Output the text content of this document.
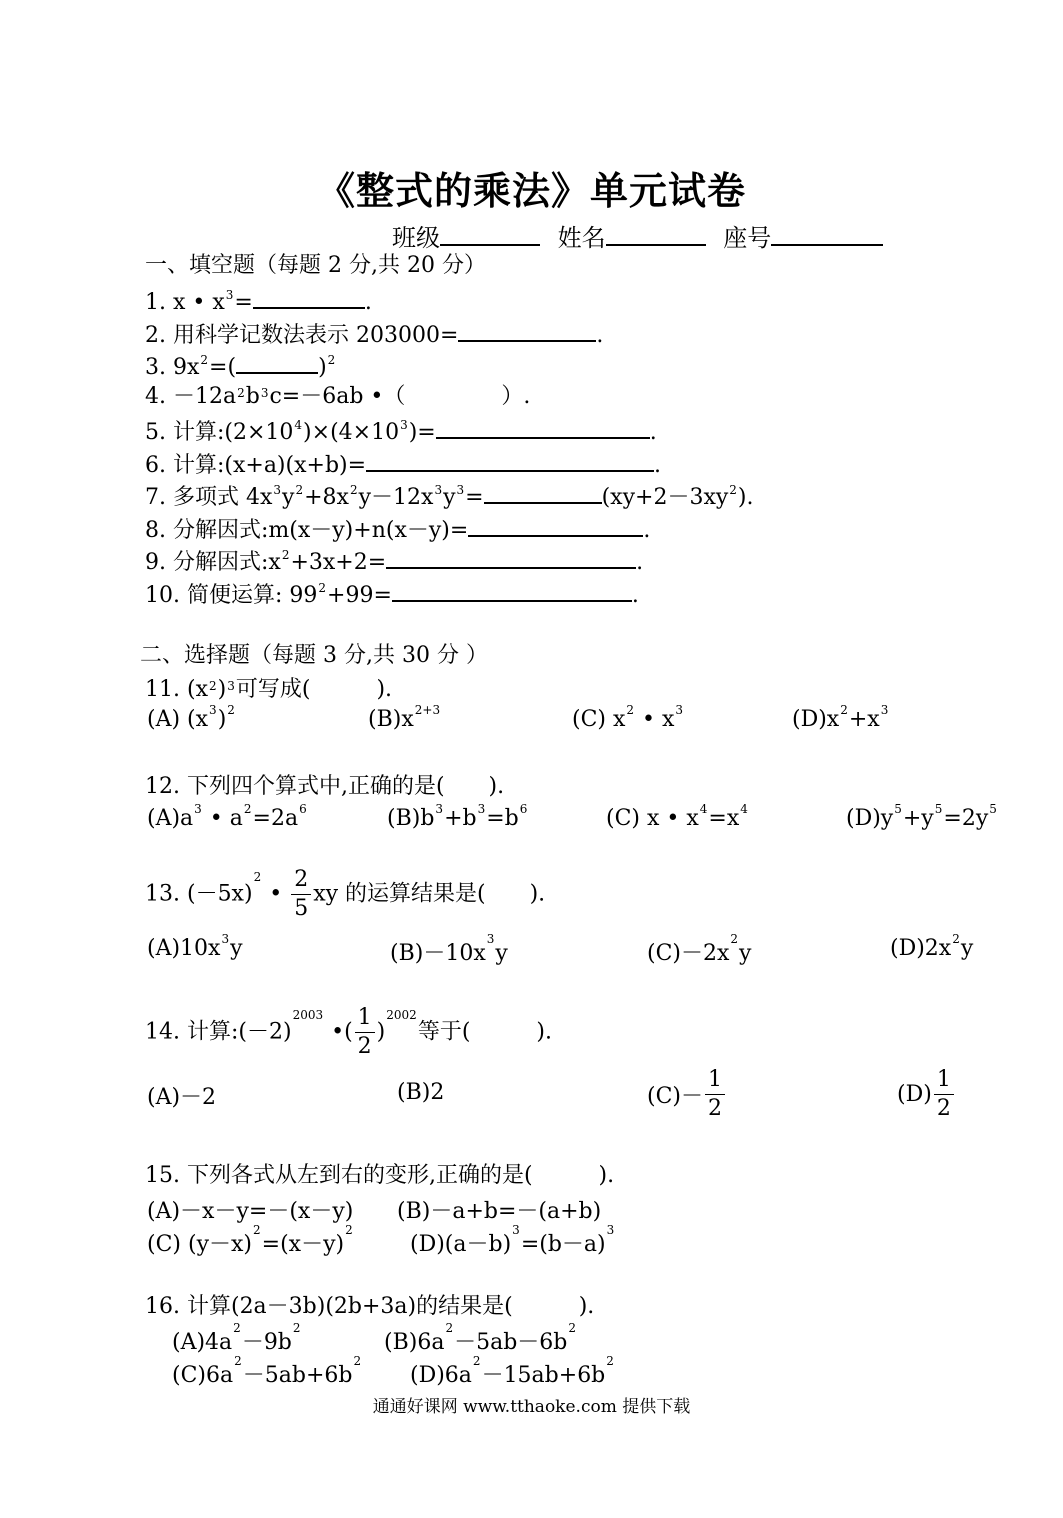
《整式的乘法》单元试卷
班级	姓名	座号
一、填空题（每题 2 分,共 20 分）
1. x • $x^3=$	.
2. 用科学记数法表示 203000=	.
3. $9x^2=$(	)$^2$
4. $-12a^2b^3c=-6ab$ •（	）.
5. 计算$:(2\times 10^4)\times(4\times 10^3)=$	.
6. 计算:(x+a)(x+b)=	.
7. 多项式 $4x^3y^2+8x^2y-12x^3y^3=$	$(xy+2-3xy^2)$.
8. 分解因式:m(x－y)+n(x－y)=	.
9. 分解因式$:x^2+3x+2=$	.
10. 简便运算: $99^2+99=$	.
二、选择题（每题 3 分,共 30 分 ）
11. $(x^2)^3$可写成(　　　).
(A) $(x^3)^2$	$(B)x^{2+3}$	(C) $x^2$ • $x^3$	$(D)x^2+x^3$
12. 下列四个算式中,正确的是(　　).
$(A)a^3$ • $a^2=2a^6$	$(B)b^3+b^3=b^6$	(C) x • $x^4=x^4$	$(D)y^5+y^5=2y^5$
13. $(-5x)^2$ • $\frac{2}{5}$ xy 的运算结果是(　　).
$(A)10x^3y$	$(B)-10x^3y$	$(C)-2x^2y$	$(D)2x^2y$
14. 计算$:(-2)^{2003}$ •( $\frac{1}{2} )^{2002}$等于(　　　).
(A)－2	(B)2	$(C)- \frac{1}{2}$	$(D) \frac{1}{2}$
15. 下列各式从左到右的变形,正确的是(　　　).
(A)－x－y=－(x－y) (B)－a+b=－(a+b)
(C) $(y-x)^2=(x-y)^2$
$(D)(a-b)^3=(b-a)^3$
16. 计算(2a－3b)(2b+3a)的结果是(　　　).
$(A)4a^2-9b^2$
$(B)6a^2-5ab-6b^2$
$(C)6a^2-5ab+6b^2$
$(D)6a^2-15ab+6b^2$
通通好课网 www.tthaoke.com 提供下载
